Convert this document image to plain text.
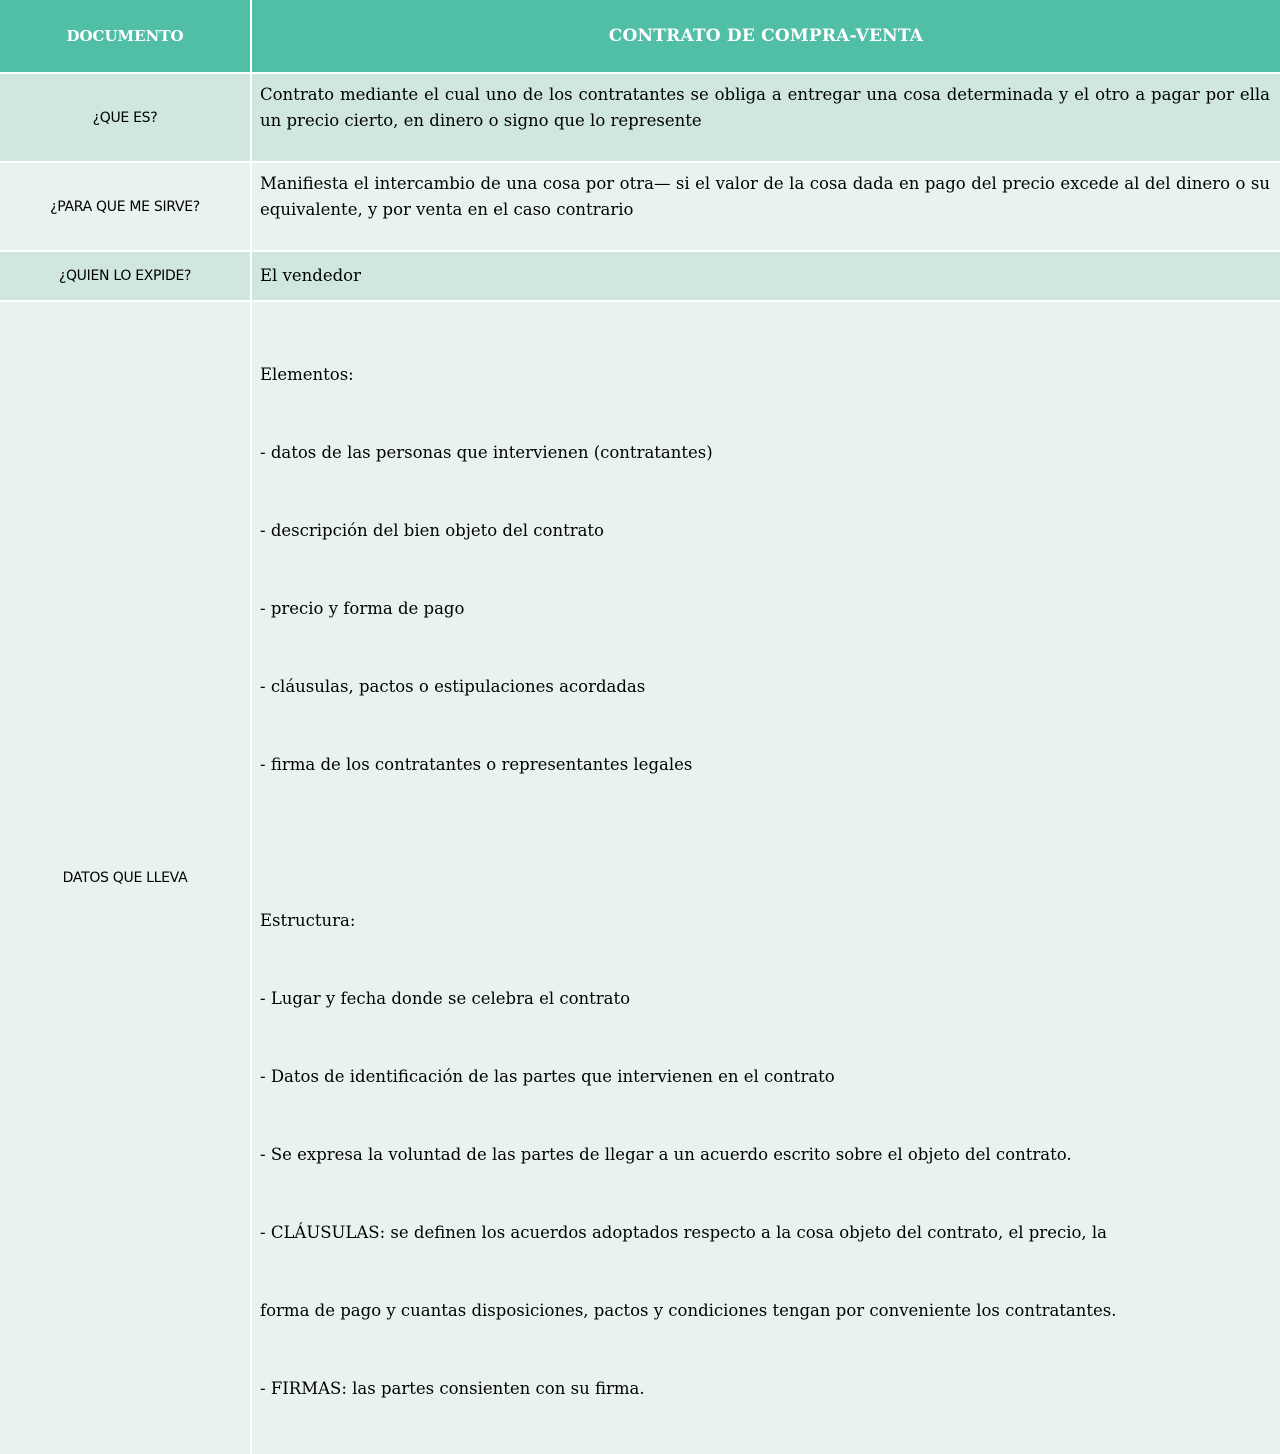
DOCUMENTO	CONTRATO DE COMPRA-VENTA
¿QUE ES?
Contrato mediante el cual uno de los contratantes se obliga a entregar una cosa determinada y el otro a pagar por ella un precio cierto, en dinero o signo que lo represente
¿PARA QUE ME SIRVE?
Manifiesta el intercambio de una cosa por otra— si el valor de la cosa dada en pago del precio excede al del dinero o su equivalente, y por venta en el caso contrario
¿QUIEN LO EXPIDE?	El vendedor
DATOS QUE LLEVA

Elementos:

- datos de las personas que intervienen (contratantes)

- descripción del bien objeto del contrato

- precio y forma de pago

- cláusulas, pactos o estipulaciones acordadas

- firma de los contratantes o representantes legales

Estructura:

- Lugar y fecha donde se celebra el contrato

- Datos de identificación de las partes que intervienen en el contrato

- Se expresa la voluntad de las partes de llegar a un acuerdo escrito sobre el objeto del contrato.

- CLÁUSULAS: se definen los acuerdos adoptados respecto a la cosa objeto del contrato, el precio, la

forma de pago y cuantas disposiciones, pactos y condiciones tengan por conveniente los contratantes.

- FIRMAS: las partes consienten con su firma.
